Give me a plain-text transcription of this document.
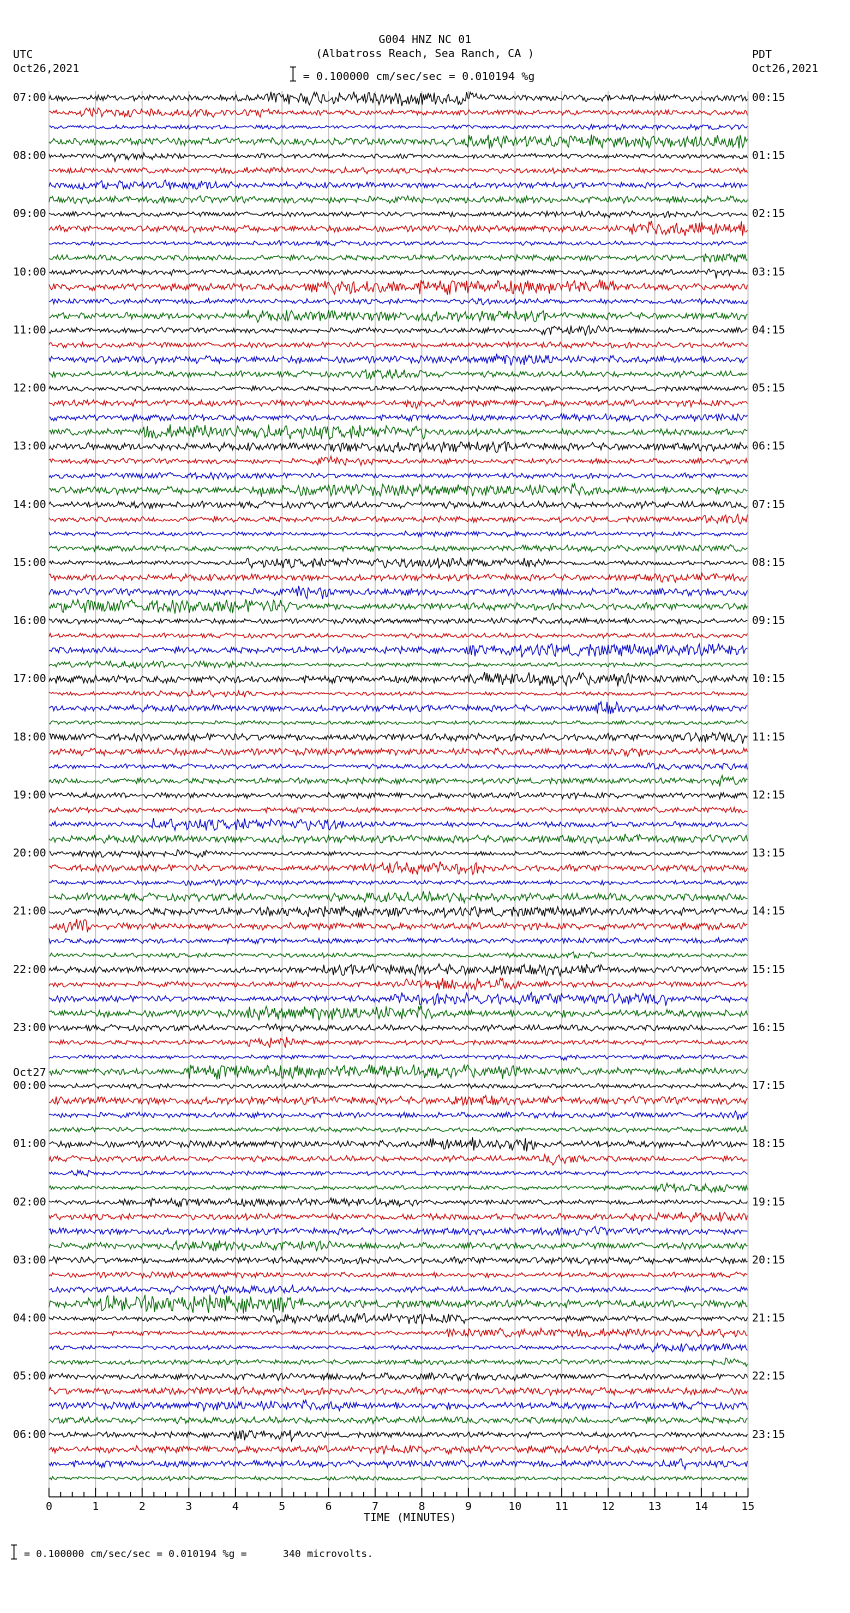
07:00
08:00
09:00
10:00
11:00
12:00
13:00
14:00
15:00
16:00
17:00
18:00
19:00
20:00
21:00
22:00
23:00
00:00
01:00
02:00
03:00
04:00
05:00
06:00
00:15
01:15
02:15
03:15
04:15
05:15
06:15
07:15
08:15
09:15
10:15
11:15
12:15
13:15
14:15
15:15
16:15
17:15
18:15
19:15
20:15
21:15
22:15
23:15
0	1	2	3	4	5	6	7	8	9	10	11	12	13	14	15
Oct27
TIME (MINUTES)
G004 HNZ NC 01
(Albatross Reach, Sea Ranch, CA )
= 0.100000 cm/sec/sec = 0.010194 %g
UTC
Oct26,2021
PDT
Oct26,2021
= 0.100000 cm/sec/sec = 0.010194 %g =      340 microvolts.
